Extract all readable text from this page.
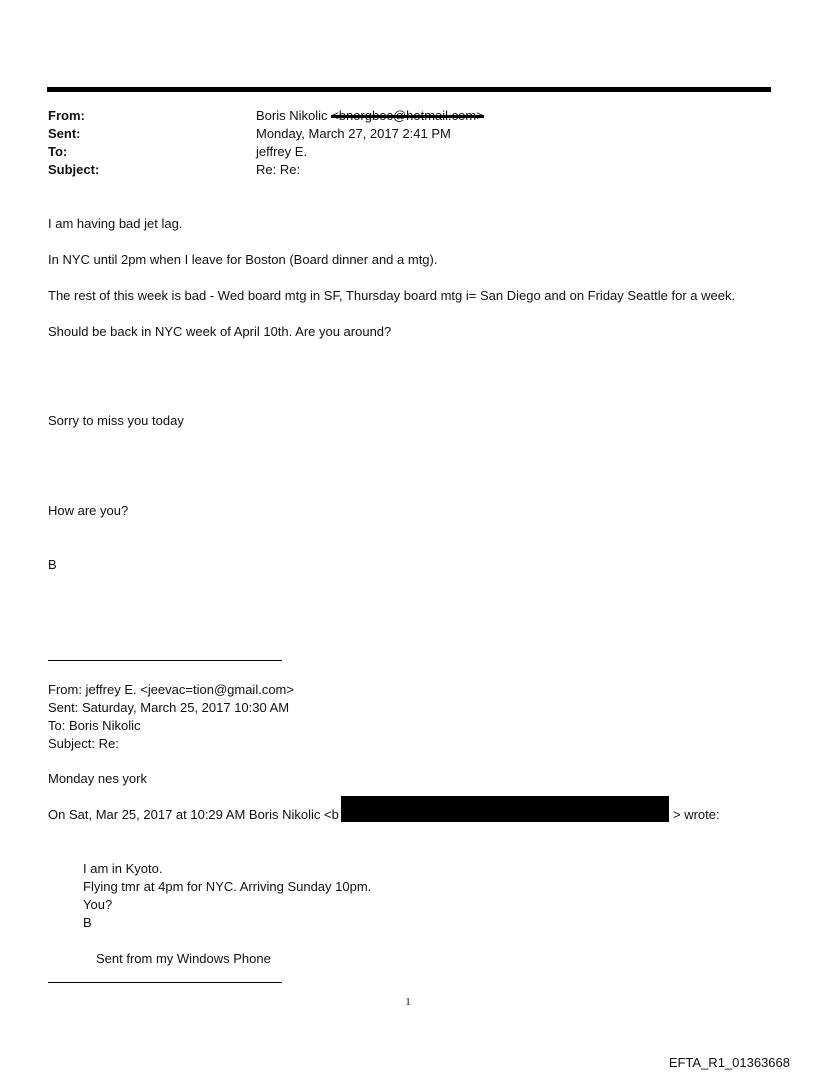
From:	Boris Nikolic
Sent:	Monday, March 27, 2017 2:41 PM
To:	jeffrey E.
Subject:	Re: Re:
I am having bad jet lag.
In NYC until 2pm when I leave for Boston (Board dinner and a mtg).
The rest of this week is bad - Wed board mtg in SF, Thursday board mtg i= San Diego and on Friday Seattle for a week.
Should be back in NYC week of April 10th. Are you around?
Sorry to miss you today
How are you?
B
From: jeffrey E. <jeevac=tion@gmail.com>
Sent: Saturday, March 25, 2017 10:30 AM
To: Boris Nikolic
Subject: Re:
Monday nes york
On Sat, Mar 25, 2017 at 10:29 AM Boris Nikolic <b	> wrote:
I am in Kyoto.
Flying tmr at 4pm for NYC. Arriving Sunday 10pm.
You?
B
Sent from my Windows Phone
1
EFTA_R1_01363668
